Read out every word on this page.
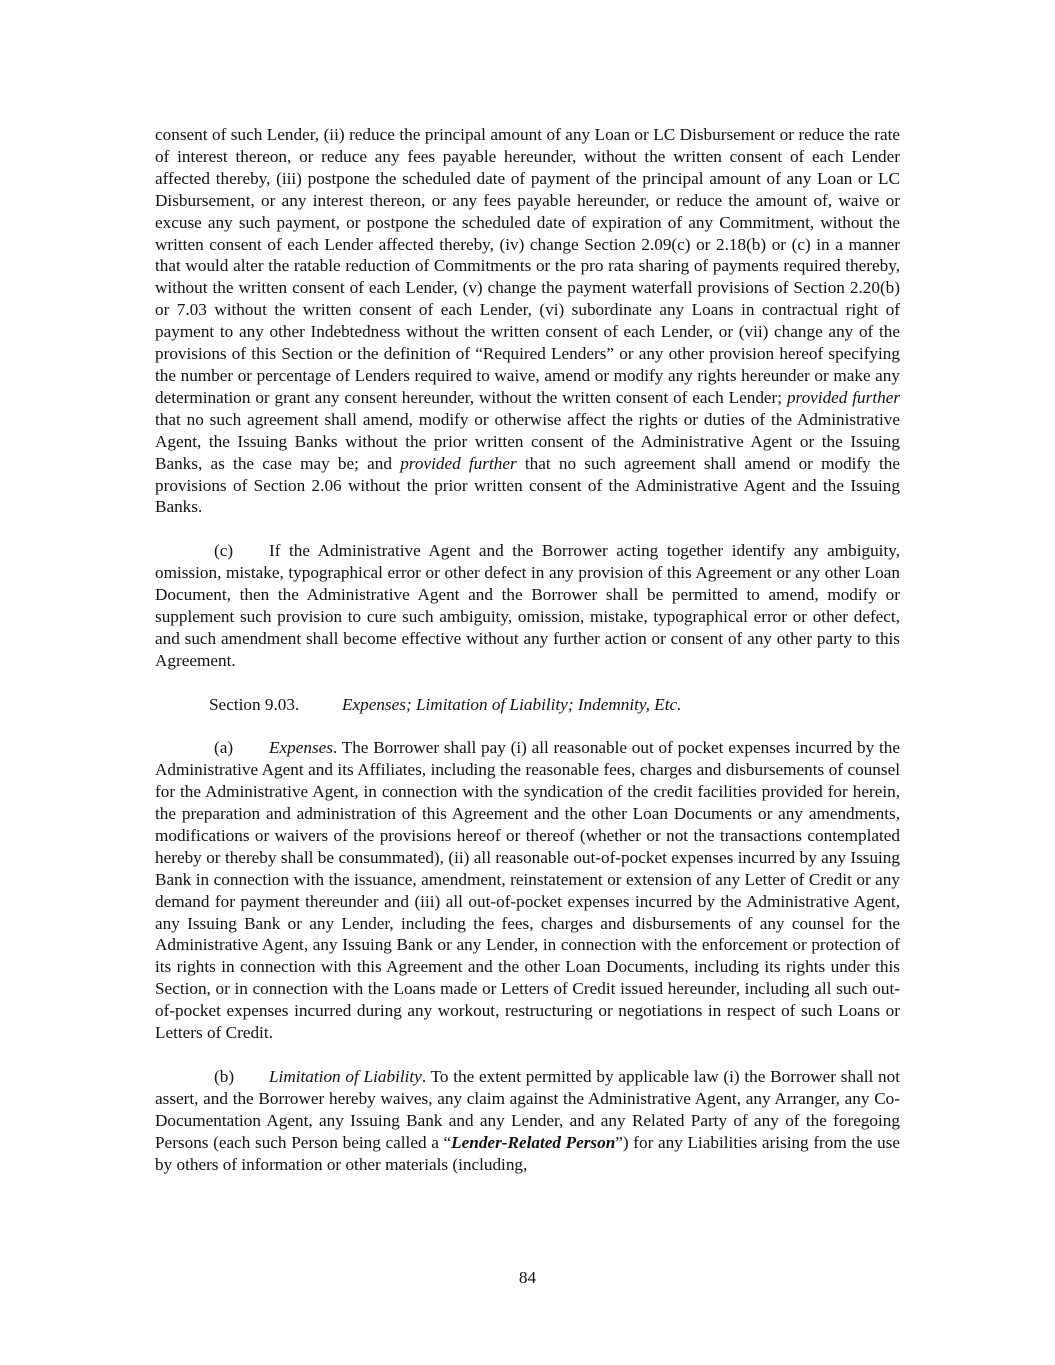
consent of such Lender, (ii) reduce the principal amount of any Loan or LC Disbursement or reduce the rate of interest thereon, or reduce any fees payable hereunder, without the written consent of each Lender affected thereby, (iii) postpone the scheduled date of payment of the principal amount of any Loan or LC Disbursement, or any interest thereon, or any fees payable hereunder, or reduce the amount of, waive or excuse any such payment, or postpone the scheduled date of expiration of any Commitment, without the written consent of each Lender affected thereby, (iv) change Section 2.09(c) or 2.18(b) or (c) in a manner that would alter the ratable reduction of Commitments or the pro rata sharing of payments required thereby, without the written consent of each Lender, (v) change the payment waterfall provisions of Section 2.20(b) or 7.03 without the written consent of each Lender, (vi) subordinate any Loans in contractual right of payment to any other Indebtedness without the written consent of each Lender, or (vii) change any of the provisions of this Section or the definition of “Required Lenders” or any other provision hereof specifying the number or percentage of Lenders required to waive, amend or modify any rights hereunder or make any determination or grant any consent hereunder, without the written consent of each Lender; provided further that no such agreement shall amend, modify or otherwise affect the rights or duties of the Administrative Agent, the Issuing Banks without the prior written consent of the Administrative Agent or the Issuing Banks, as the case may be; and provided further that no such agreement shall amend or modify the provisions of Section 2.06 without the prior written consent of the Administrative Agent and the Issuing Banks.

(c) If the Administrative Agent and the Borrower acting together identify any ambiguity, omission, mistake, typographical error or other defect in any provision of this Agreement or any other Loan Document, then the Administrative Agent and the Borrower shall be permitted to amend, modify or supplement such provision to cure such ambiguity, omission, mistake, typographical error or other defect, and such amendment shall become effective without any further action or consent of any other party to this Agreement.

Section 9.03. Expenses; Limitation of Liability; Indemnity, Etc.

(a) Expenses. The Borrower shall pay (i) all reasonable out of pocket expenses incurred by the Administrative Agent and its Affiliates, including the reasonable fees, charges and disbursements of counsel for the Administrative Agent, in connection with the syndication of the credit facilities provided for herein, the preparation and administration of this Agreement and the other Loan Documents or any amendments, modifications or waivers of the provisions hereof or thereof (whether or not the transactions contemplated hereby or thereby shall be consummated), (ii) all reasonable out-of-pocket expenses incurred by any Issuing Bank in connection with the issuance, amendment, reinstatement or extension of any Letter of Credit or any demand for payment thereunder and (iii) all out-of-pocket expenses incurred by the Administrative Agent, any Issuing Bank or any Lender, including the fees, charges and disbursements of any counsel for the Administrative Agent, any Issuing Bank or any Lender, in connection with the enforcement or protection of its rights in connection with this Agreement and the other Loan Documents, including its rights under this Section, or in connection with the Loans made or Letters of Credit issued hereunder, including all such out-of-pocket expenses incurred during any workout, restructuring or negotiations in respect of such Loans or Letters of Credit.

(b) Limitation of Liability. To the extent permitted by applicable law (i) the Borrower shall not assert, and the Borrower hereby waives, any claim against the Administrative Agent, any Arranger, any Co-Documentation Agent, any Issuing Bank and any Lender, and any Related Party of any of the foregoing Persons (each such Person being called a “Lender-Related Person”) for any Liabilities arising from the use by others of information or other materials (including,

84
